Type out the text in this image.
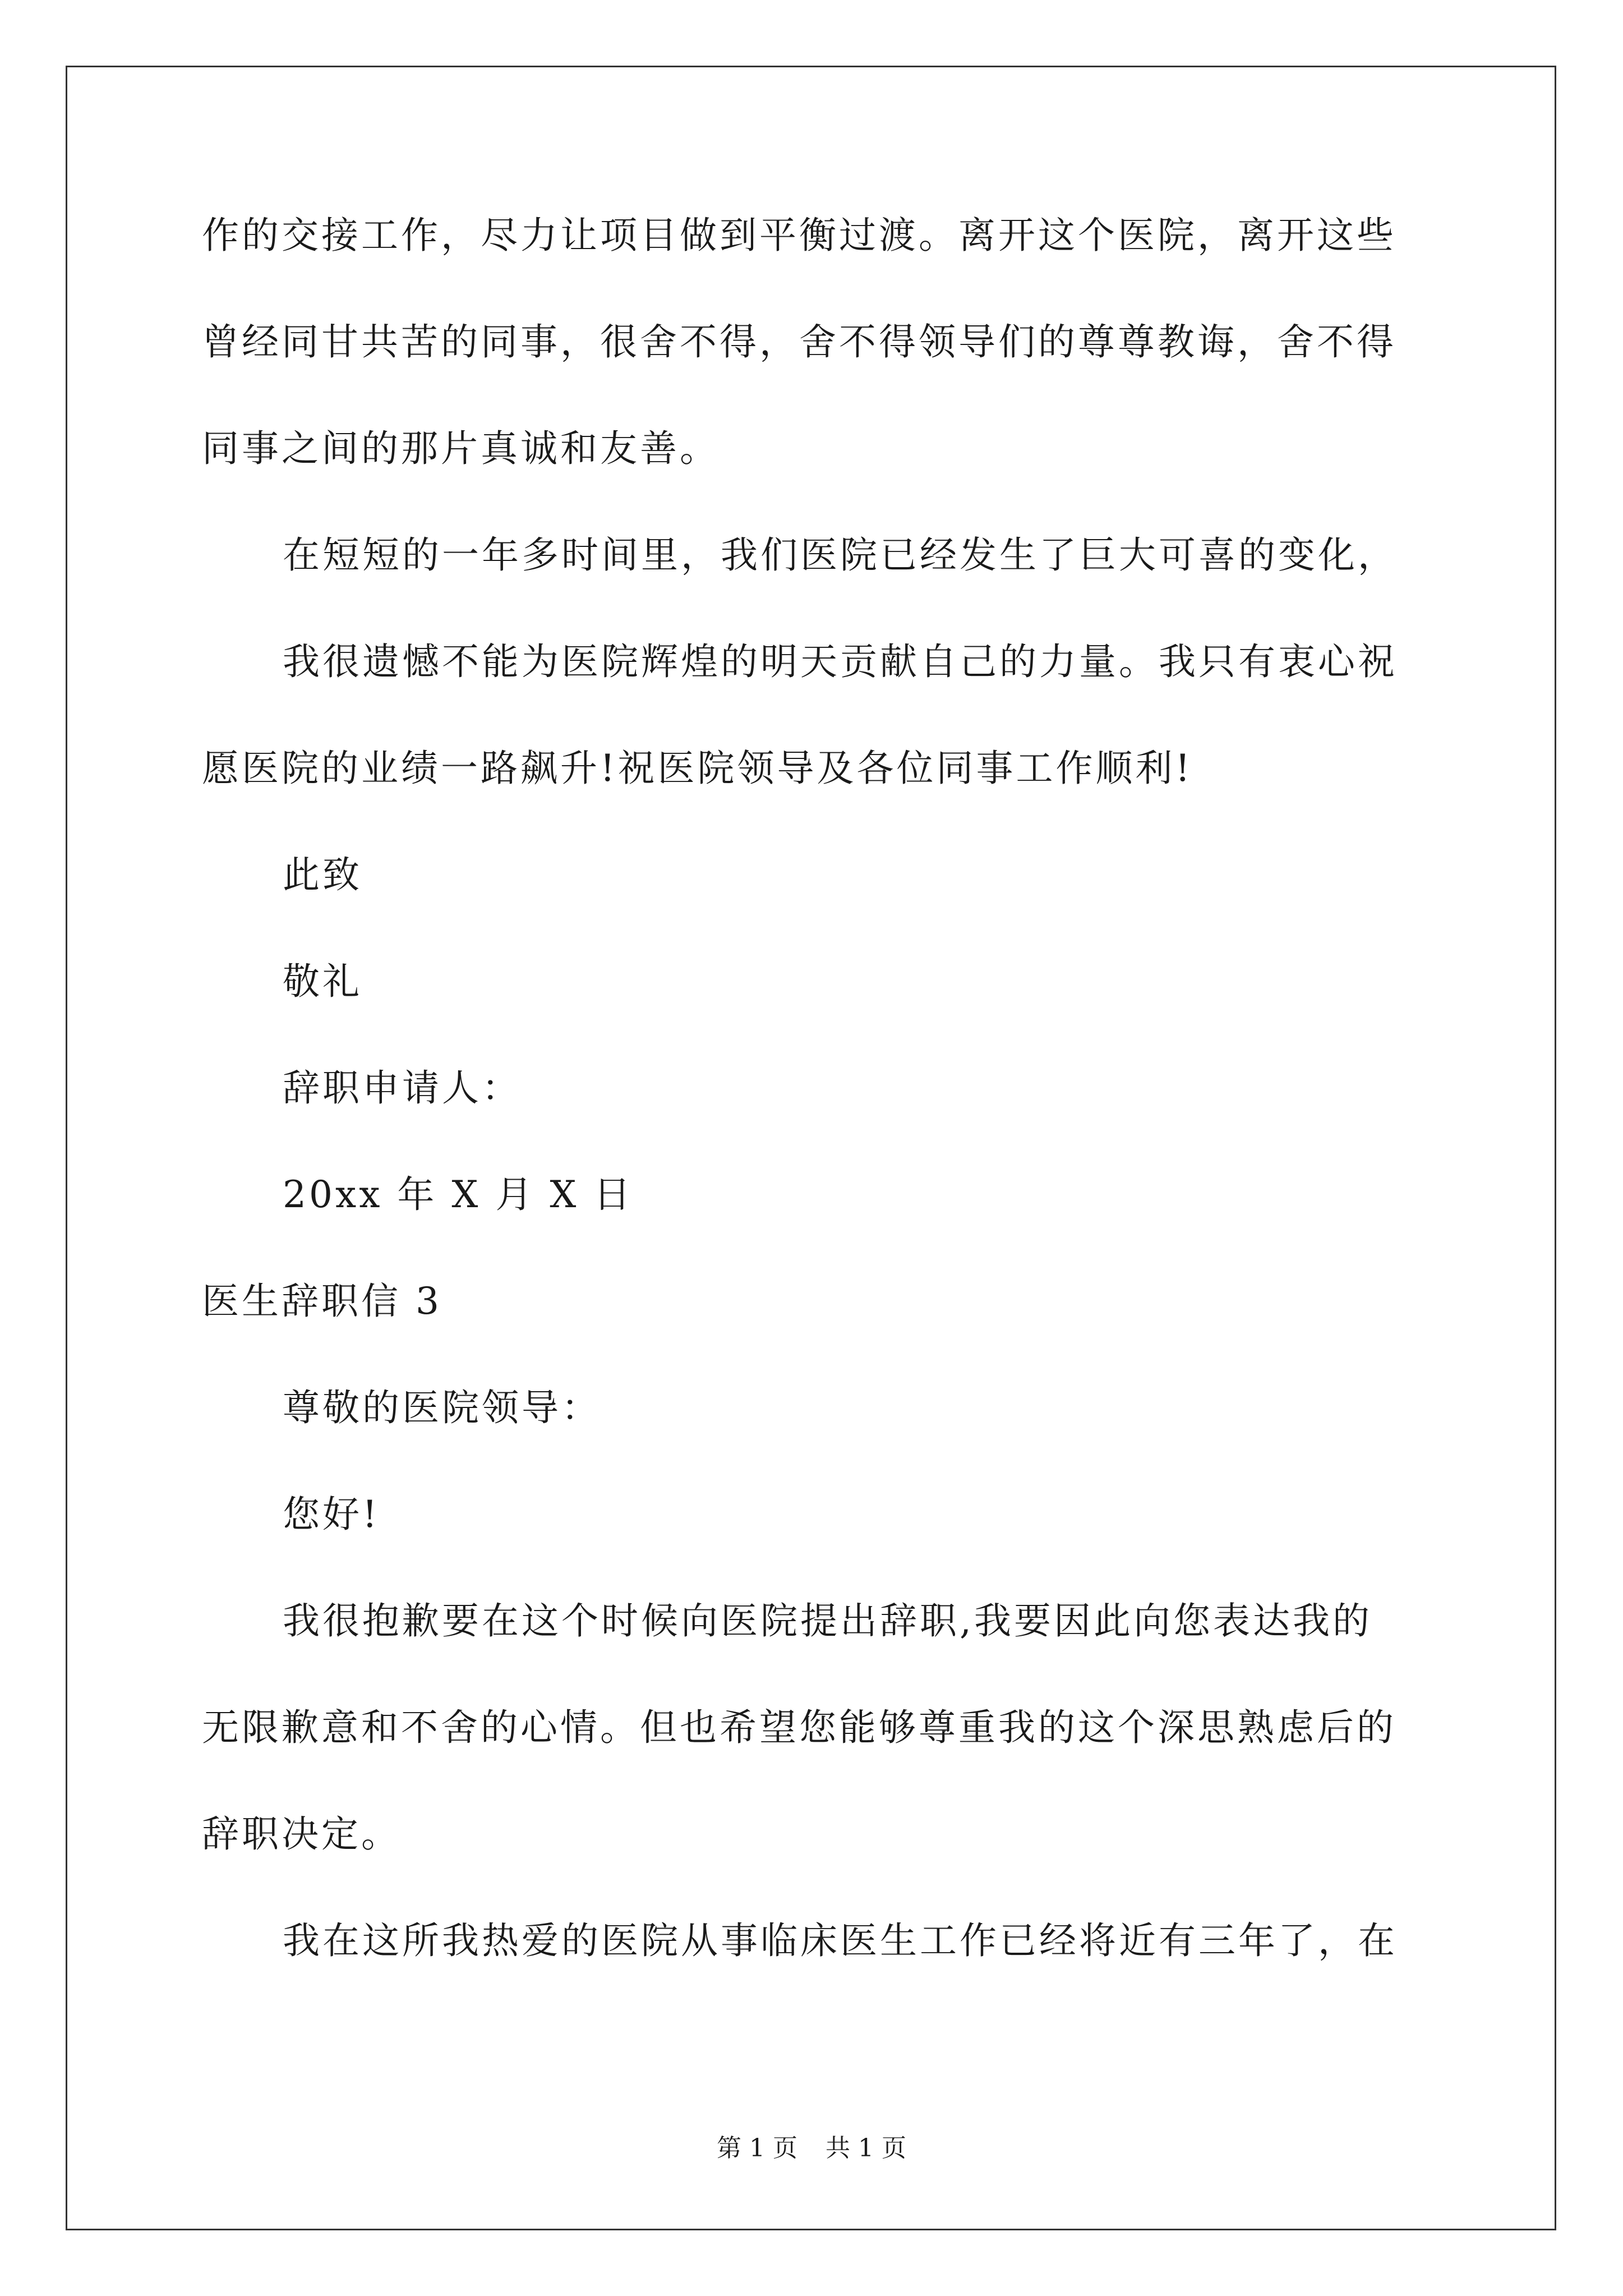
作的交接工作，尽力让项目做到平衡过渡。离开这个医院，离开这些
曾经同甘共苦的同事，很舍不得，舍不得领导们的尊尊教诲，舍不得
同事之间的那片真诚和友善。
在短短的一年多时间里，我们医院已经发生了巨大可喜的变化，
我很遗憾不能为医院辉煌的明天贡献自己的力量。我只有衷心祝
愿医院的业绩一路飙升!祝医院领导及各位同事工作顺利!
此致
敬礼
辞职申请人：
20xx 年 X 月 X 日
医生辞职信 3
尊敬的医院领导：
您好!
我很抱歉要在这个时候向医院提出辞职,我要因此向您表达我的
无限歉意和不舍的心情。但也希望您能够尊重我的这个深思熟虑后的
辞职决定。
我在这所我热爱的医院从事临床医生工作已经将近有三年了，在
第 1 页 共 1 页
